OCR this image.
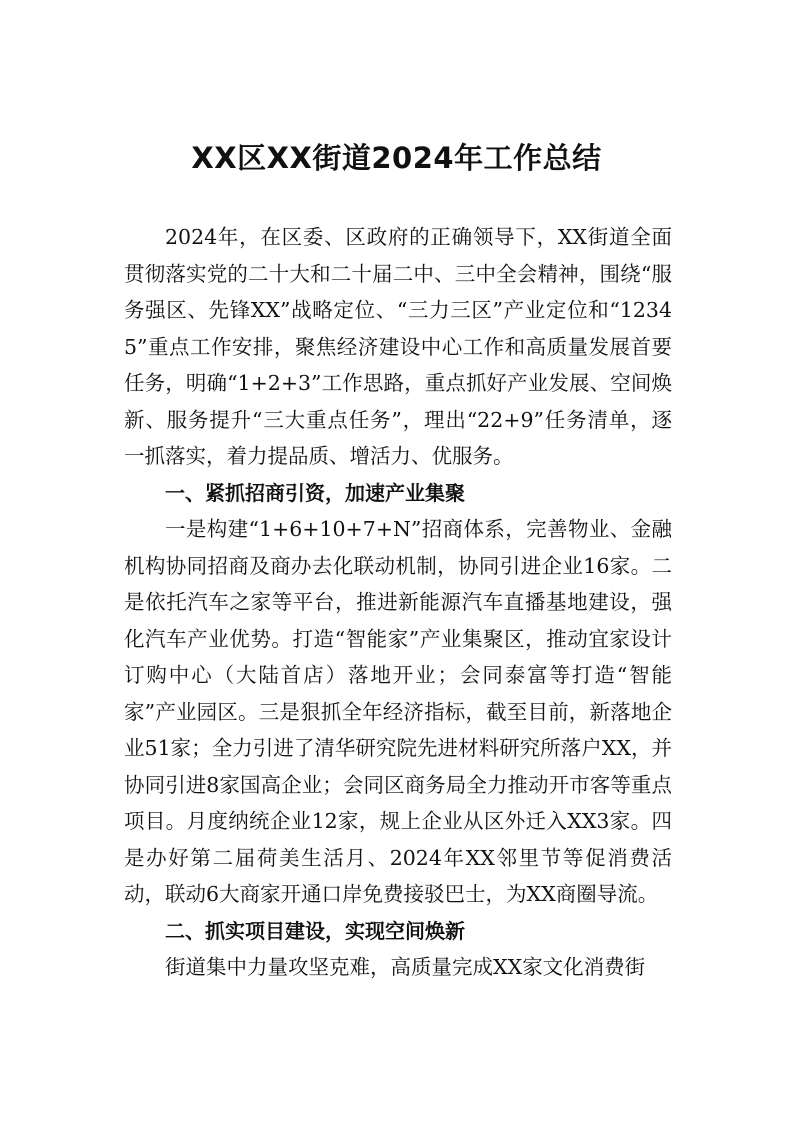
XX区XX街道2024年工作总结

2024年，在区委、区政府的正确领导下，XX街道全面贯彻落实党的二十大和二十届二中、三中全会精神，围绕“服务强区、先锋XX”战略定位、“三力三区”产业定位和“12345”重点工作安排，聚焦经济建设中心工作和高质量发展首要任务，明确“1+2+3”工作思路，重点抓好产业发展、空间焕新、服务提升“三大重点任务”，理出“22+9”任务清单，逐一抓落实，着力提品质、增活力、优服务。

一、紧抓招商引资，加速产业集聚

一是构建“1+6+10+7+N”招商体系，完善物业、金融机构协同招商及商办去化联动机制，协同引进企业16家。二是依托汽车之家等平台，推进新能源汽车直播基地建设，强化汽车产业优势。打造“智能家”产业集聚区，推动宜家设计订购中心（大陆首店）落地开业；会同泰富等打造“智能家”产业园区。三是狠抓全年经济指标，截至目前，新落地企业51家；全力引进了清华研究院先进材料研究所落户XX，并协同引进8家国高企业；会同区商务局全力推动开市客等重点项目。月度纳统企业12家，规上企业从区外迁入XX3家。四是办好第二届荷美生活月、2024年XX邻里节等促消费活动，联动6大商家开通口岸免费接驳巴士，为XX商圈导流。

二、抓实项目建设，实现空间焕新

街道集中力量攻坚克难，高质量完成XX家文化消费街
